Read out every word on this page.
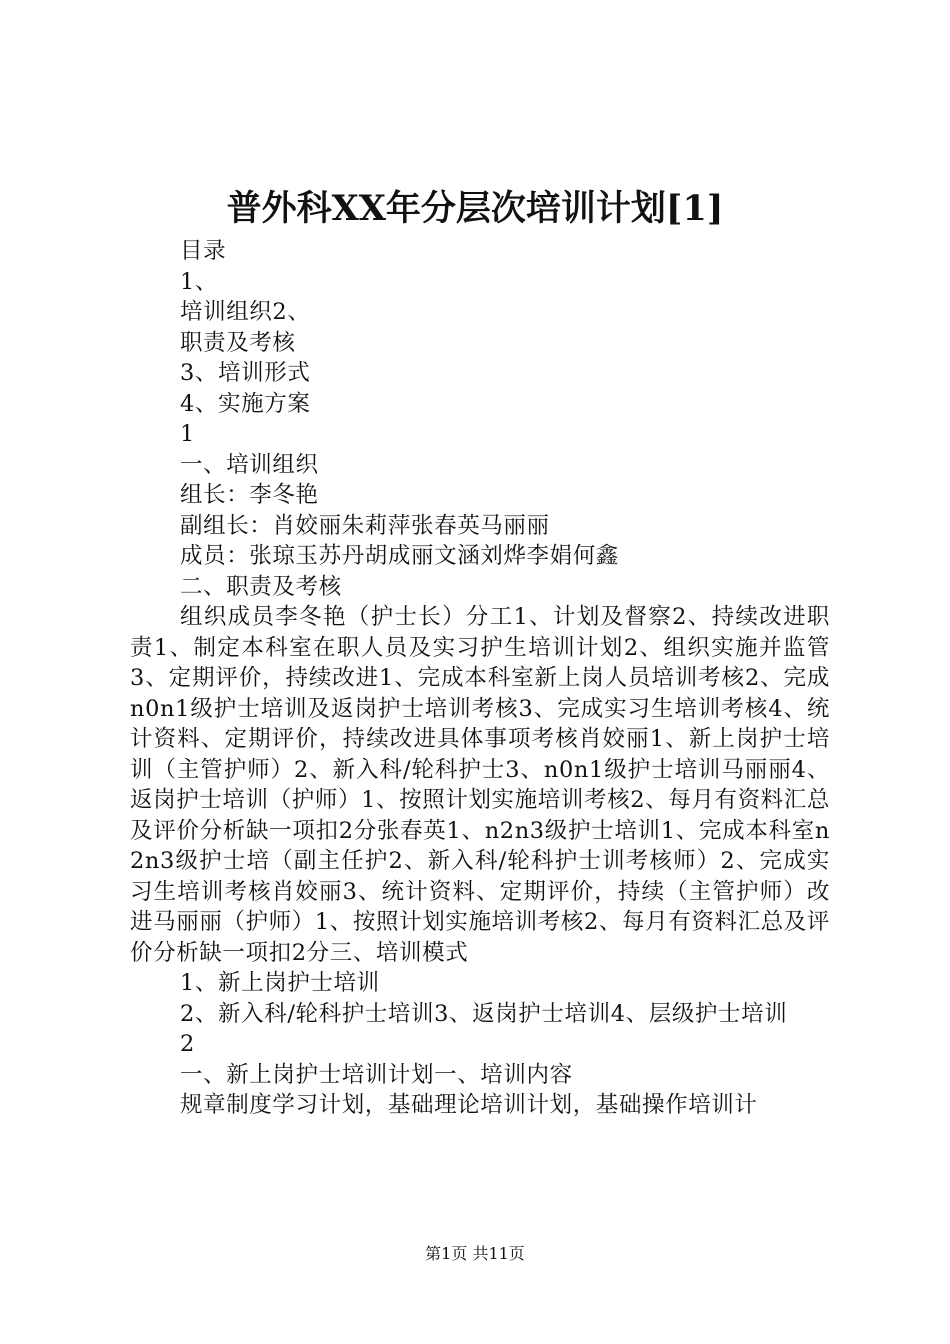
普外科XX年分层次培训计划[1]
目录
1、
培训组织2、
职责及考核
3、培训形式
4、实施方案
1
一、培训组织
组长：李冬艳
副组长：肖姣丽朱莉萍张春英马丽丽
成员：张琼玉苏丹胡成丽文涵刘烨李娟何鑫
二、职责及考核
组织成员李冬艳（护士长）分工1、计划及督察2、持续改进职责1、制定本科室在职人员及实习护生培训计划2、组织实施并监管3、定期评价，持续改进1、完成本科室新上岗人员培训考核2、完成n0n1级护士培训及返岗护士培训考核3、完成实习生培训考核4、统计资料、定期评价，持续改进具体事项考核肖姣丽1、新上岗护士培训（主管护师）2、新入科/轮科护士3、n0n1级护士培训马丽丽4、返岗护士培训（护师）1、按照计划实施培训考核2、每月有资料汇总及评价分析缺一项扣2分张春英1、n2n3级护士培训1、完成本科室n2n3级护士培（副主任护2、新入科/轮科护士训考核师）2、完成实习生培训考核肖姣丽3、统计资料、定期评价，持续（主管护师）改进马丽丽（护师）1、按照计划实施培训考核2、每月有资料汇总及评价分析缺一项扣2分三、培训模式
1、新上岗护士培训
2、新入科/轮科护士培训3、返岗护士培训4、层级护士培训
2
一、新上岗护士培训计划一、培训内容
规章制度学习计划，基础理论培训计划，基础操作培训计
第1页 共11页
